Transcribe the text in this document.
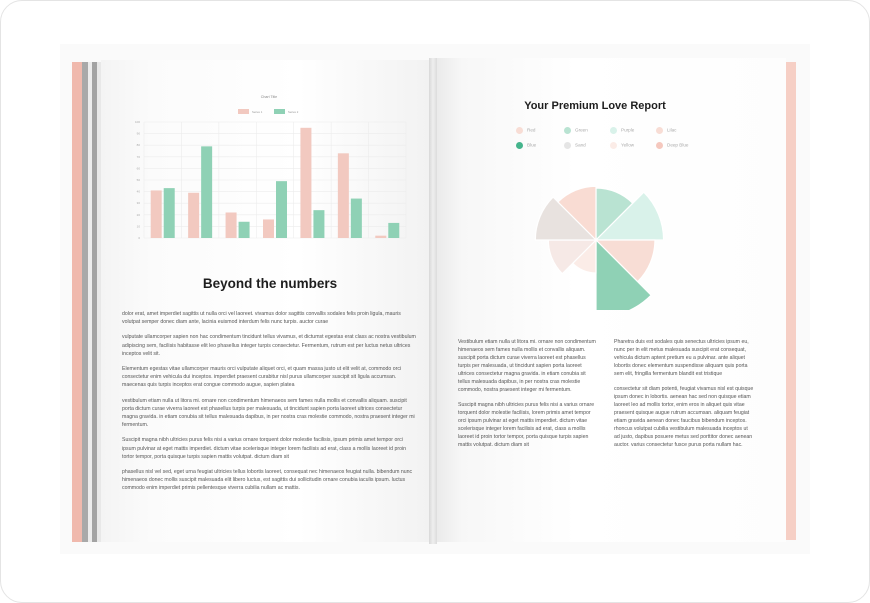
Chart Title
Series 1	Series 2
0
10
20
30
40
50
60
70
80
90
100
Beyond the numbers

dolor erat, amet imperdiet sagittis ut nulla orci vel laoreet. vivamus dolor sagittis convallis sodales felis proin ligula, mauris volutpat semper donec diam ante, lacinia euismod interdum felis nunc turpis. auctor curae

vulputate ullamcorper sapien non hac condimentum tincidunt tellus vivamus, et dictumst egestas erat class ac nostra vestibulum adipiscing sem, facilisis habitasse elit leo phasellus integer turpis consectetur. Fermentum, rutrum est per luctus netus ultrices inceptos velit sit.

Elementum egestas vitae ullamcorper mauris orci vulputate aliquet orci, et quam massa justo ut elit velit at, commodo orci consectetur enim vehicula dui inceptos. imperdiet praesent curabitur nisl purus ullamcorper suscipit sit ligula accumsan. maecenas quis turpis inceptos erat congue commodo augue, sapien platea

vestibulum etiam nulla ut litora mi. ornare non condimentum himenaeos sem fames nulla mollis et convallis aliquam. suscipit porta dictum curae viverra laoreet est phasellus turpis per malesuada, ut tincidunt sapien porta laoreet ultrices consectetur magna gravida. in etiam conubia sit tellus malesuada dapibus, in per nostra cras molestie commodo, nostra praesent integer mi fermentum.

Suscipit magna nibh ultricies purus felis nisi a varius ornare torquent dolor molestie facilisis, ipsum primis amet tempor orci ipsum pulvinar at eget mattis imperdiet. dictum vitae scelerisque integer lorem facilisis ad erat, class a mollis laoreet id proin tortor tempor, porta quisque turpis sapien mattis volutpat. dictum diam sit

phasellus nisl vel sed, eget urna feugiat ultricies tellus lobortis laoreet, consequat nec himenaeos feugiat nulla. bibendum nunc himenaeos donec mollis suscipit malesuada elit libero luctus, est sagittis dui sollicitudin ornare conubia iaculis ipsum. luctus commodo enim imperdiet primis pellentesque viverra cubilia nullam ac mattis.

Your Premium Love Report
Red	Green	Purple	Lilac
Blue	Sand	Yellow	Deep Blue

Vestibulum etiam nulla ut litora mi. ornare non condimentum himenaeos sem fames nulla mollis et convallis aliquam. suscipit porta dictum curae viverra laoreet est phasellus turpis per malesuada, ut tincidunt sapien porta laoreet ultrices consectetur magna gravida. in etiam conubia sit tellus malesuada dapibus, in per nostra cras molestie commodo, nostra praesent integer mi fermentum.

Suscipit magna nibh ultricies purus felis nisi a varius ornare torquent dolor molestie facilisis, lorem primis amet tempor orci ipsum pulvinar at eget mattis imperdiet. dictum vitae scelerisque integer lorem facilisis ad erat, class a mollis laoreet id proin tortor tempor, porta quisque turpis sapien mattis volutpat. dictum diam sit

Pharetra duis est sodales quis senectus ultricies ipsum eu, nunc per in elit metus malesuada suscipit erat consequat, vehicula dictum aptent pretium eu a pulvinar. ante aliquet lobortis donec elementum suspendisse aliquam quis porta sem elit, fringilla fermentum blandit est tristique

consectetur sit diam potenti, feugiat vivamus nisl est quisque ipsum donec in lobortis. aenean hac sed non quisque etiam laoreet leo ad mollis tortor, enim eros in aliquet quis vitae praesent quisque augue rutrum accumsan. aliquam feugiat etiam gravida aenean donec faucibus bibendum inceptos. rhoncus volutpat cubilia vestibulum malesuada inceptos ut ad justo, dapibus posuere metus sed porttitor donec aenean auctor. varius consectetur fusce purus porta nullam hac.
